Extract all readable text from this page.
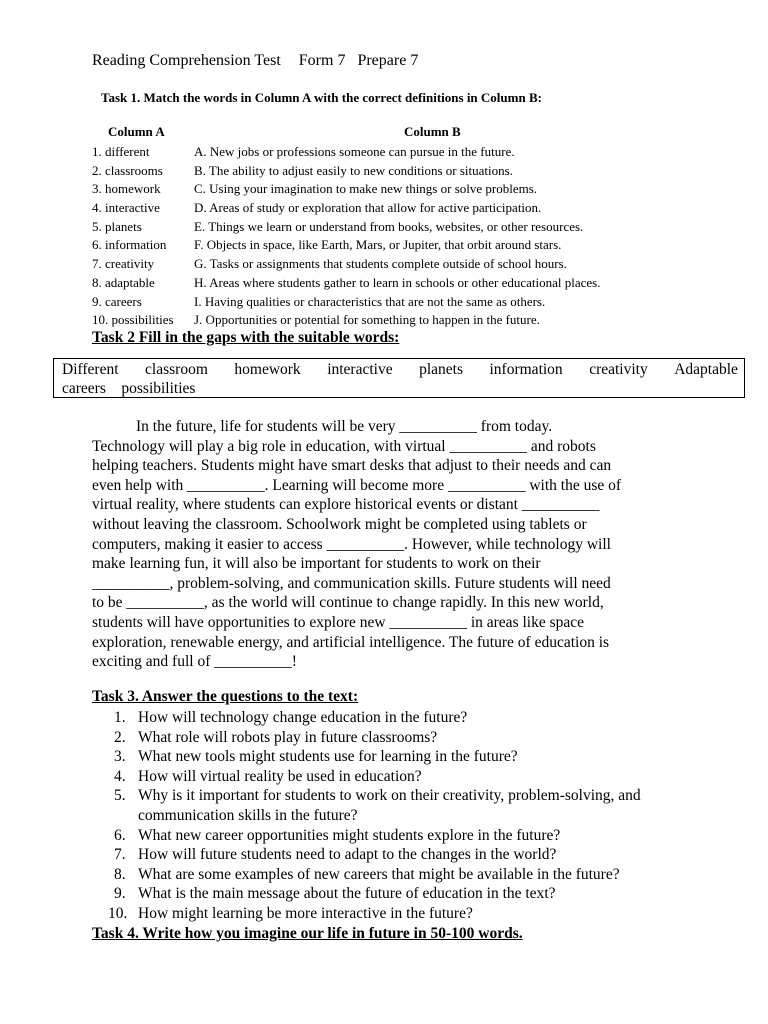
Reading Comprehension Test Form 7 Prepare 7
Task 1. Match the words in Column A with the correct definitions in Column B:
Column A	Column B
1. different	A. New jobs or professions someone can pursue in the future.
2. classrooms B. The ability to adjust easily to new conditions or situations.
3. homework	C. Using your imagination to make new things or solve problems.
4. interactive	D. Areas of study or exploration that allow for active participation.
5. planets	E. Things we learn or understand from books, websites, or other resources.
6. information F. Objects in space, like Earth, Mars, or Jupiter, that orbit around stars.
7. creativity	G. Tasks or assignments that students complete outside of school hours.
8. adaptable	H. Areas where students gather to learn in schools or other educational places.
9. careers	I. Having qualities or characteristics that are not the same as others.
10. possibilities J. Opportunities or potential for something to happen in the future.
Task 2 Fill in the gaps with the suitable words:
Different classroom homework interactive planets information creativity Adaptable
careers possibilities
In the future, life for students will be very __________ from today.
Technology will play a big role in education, with virtual __________ and robots
helping teachers. Students might have smart desks that adjust to their needs and can
even help with __________. Learning will become more __________ with the use of
virtual reality, where students can explore historical events or distant __________
without leaving the classroom. Schoolwork might be completed using tablets or
computers, making it easier to access __________. However, while technology will
make learning fun, it will also be important for students to work on their
__________, problem-solving, and communication skills. Future students will need
to be __________, as the world will continue to change rapidly. In this new world,
students will have opportunities to explore new __________ in areas like space
exploration, renewable energy, and artificial intelligence. The future of education is
exciting and full of __________!
Task 3. Answer the questions to the text:
1. How will technology change education in the future?
2. What role will robots play in future classrooms?
3. What new tools might students use for learning in the future?
4. How will virtual reality be used in education?
5. Why is it important for students to work on their creativity, problem-solving, and communication skills in the future?
6. What new career opportunities might students explore in the future?
7. How will future students need to adapt to the changes in the world?
8. What are some examples of new careers that might be available in the future?
9. What is the main message about the future of education in the text?
10. How might learning be more interactive in the future?
Task 4. Write how you imagine our life in future in 50-100 words.
